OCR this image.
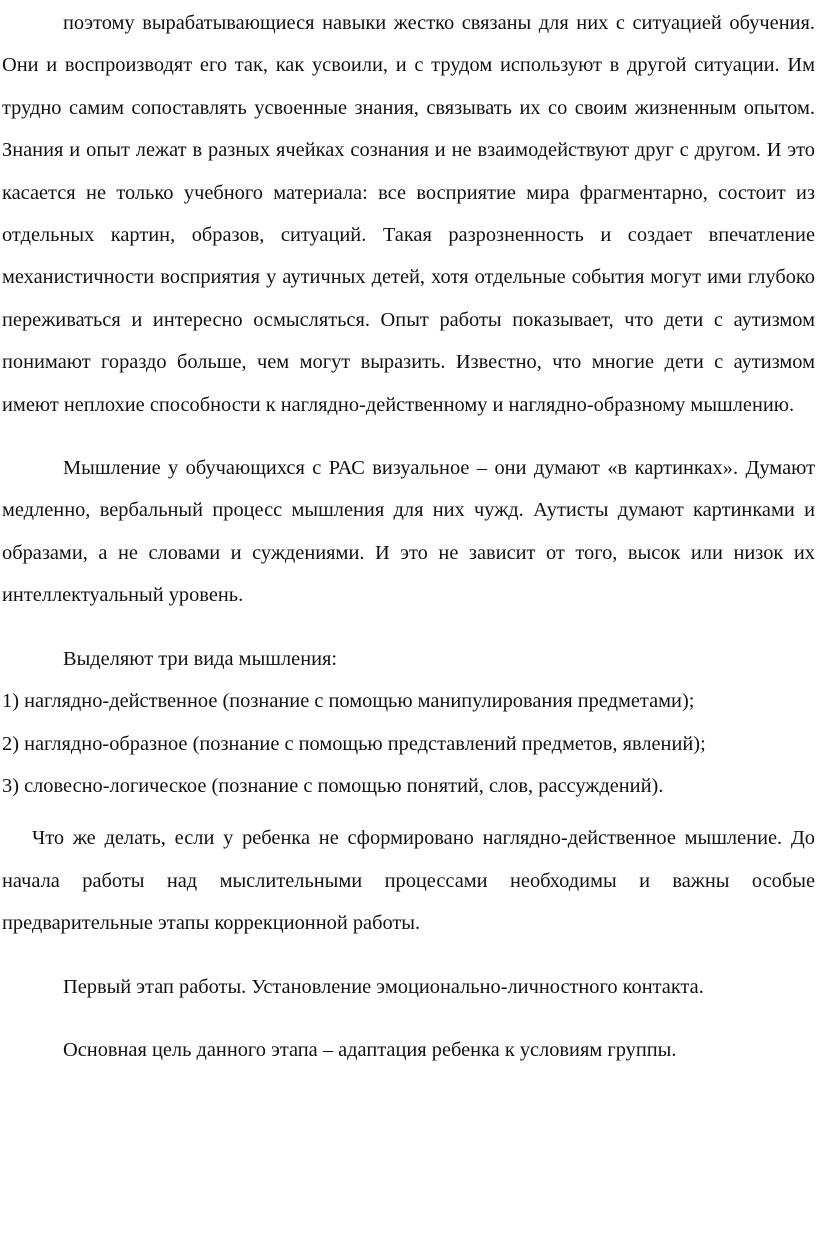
поэтому вырабатывающиеся навыки жестко связаны для них с ситуацией обучения. Они и воспроизводят его так, как усвоили, и с трудом используют в другой ситуации. Им трудно самим сопоставлять усвоенные знания, связывать их со своим жизненным опытом. Знания и опыт лежат в разных ячейках сознания и не взаимодействуют друг с другом. И это касается не только учебного материала: все восприятие мира фрагментарно, состоит из отдельных картин, образов, ситуаций. Такая разрозненность и создает впечатление механистичности восприятия у аутичных детей, хотя отдельные события могут ими глубоко переживаться и интересно осмысляться. Опыт работы показывает, что дети с аутизмом понимают гораздо больше, чем могут выразить. Известно, что многие дети с аутизмом имеют неплохие способности к наглядно-действенному и наглядно-образному мышлению.

Мышление у обучающихся с РАС визуальное – они думают «в картинках». Думают медленно, вербальный процесс мышления для них чужд. Аутисты думают картинками и образами, а не словами и суждениями. И это не зависит от того, высок или низок их интеллектуальный уровень.

Выделяют три вида мышления:

1) наглядно-действенное (познание с помощью манипулирования предметами);

2) наглядно-образное (познание с помощью представлений предметов, явлений);

3) словесно-логическое (познание с помощью понятий, слов, рассуждений).

Что же делать, если у ребенка не сформировано наглядно-действенное мышление. До начала работы над мыслительными процессами необходимы и важны особые предварительные этапы коррекционной работы.

Первый этап работы. Установление эмоционально-личностного контакта.

Основная цель данного этапа – адаптация ребенка к условиям группы.
